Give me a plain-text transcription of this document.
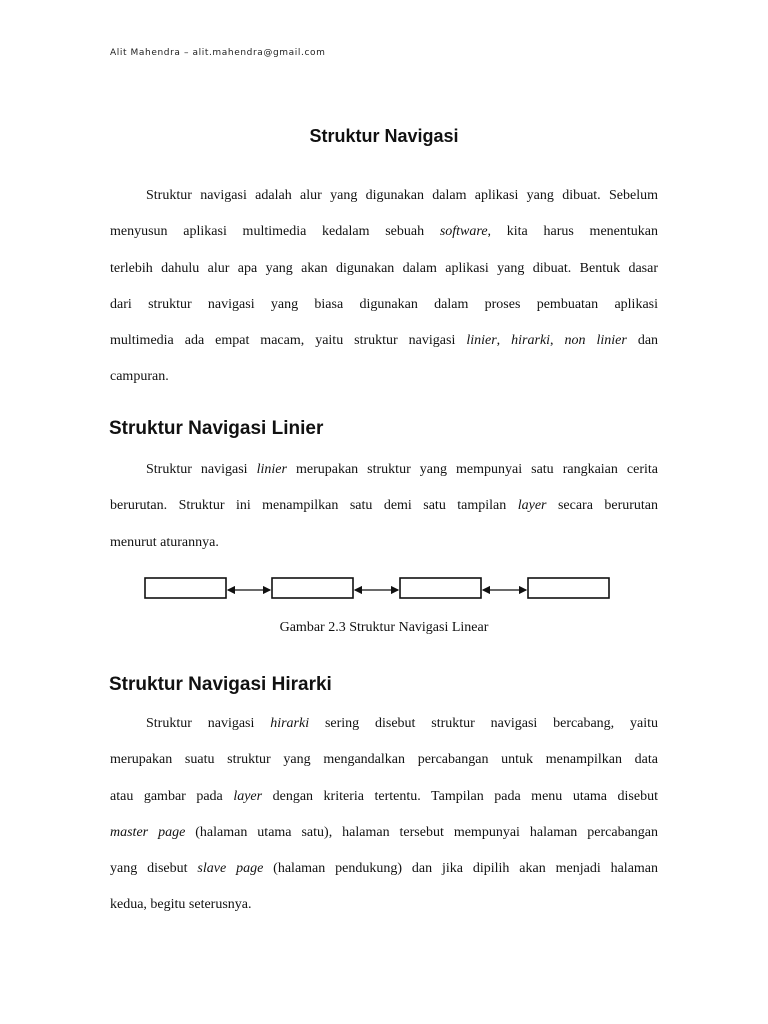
Alit Mahendra – alit.mahendra@gmail.com
Struktur Navigasi
Struktur navigasi adalah alur yang digunakan dalam aplikasi yang dibuat. Sebelum
menyusun aplikasi multimedia kedalam sebuah software, kita harus menentukan
terlebih dahulu alur apa yang akan digunakan dalam aplikasi yang dibuat. Bentuk dasar
dari struktur navigasi yang biasa digunakan dalam proses pembuatan aplikasi
multimedia ada empat macam, yaitu struktur navigasi linier, hirarki, non linier dan
campuran.
Struktur Navigasi Linier
Struktur navigasi linier merupakan struktur yang mempunyai satu rangkaian cerita
berurutan. Struktur ini menampilkan satu demi satu tampilan layer secara berurutan
menurut aturannya.
Gambar 2.3 Struktur Navigasi Linear
Struktur Navigasi Hirarki
Struktur navigasi hirarki sering disebut struktur navigasi bercabang, yaitu
merupakan suatu struktur yang mengandalkan percabangan untuk menampilkan data
atau gambar pada layer dengan kriteria tertentu. Tampilan pada menu utama disebut
master page (halaman utama satu), halaman tersebut mempunyai halaman percabangan
yang disebut slave page (halaman pendukung) dan jika dipilih akan menjadi halaman
kedua, begitu seterusnya.
